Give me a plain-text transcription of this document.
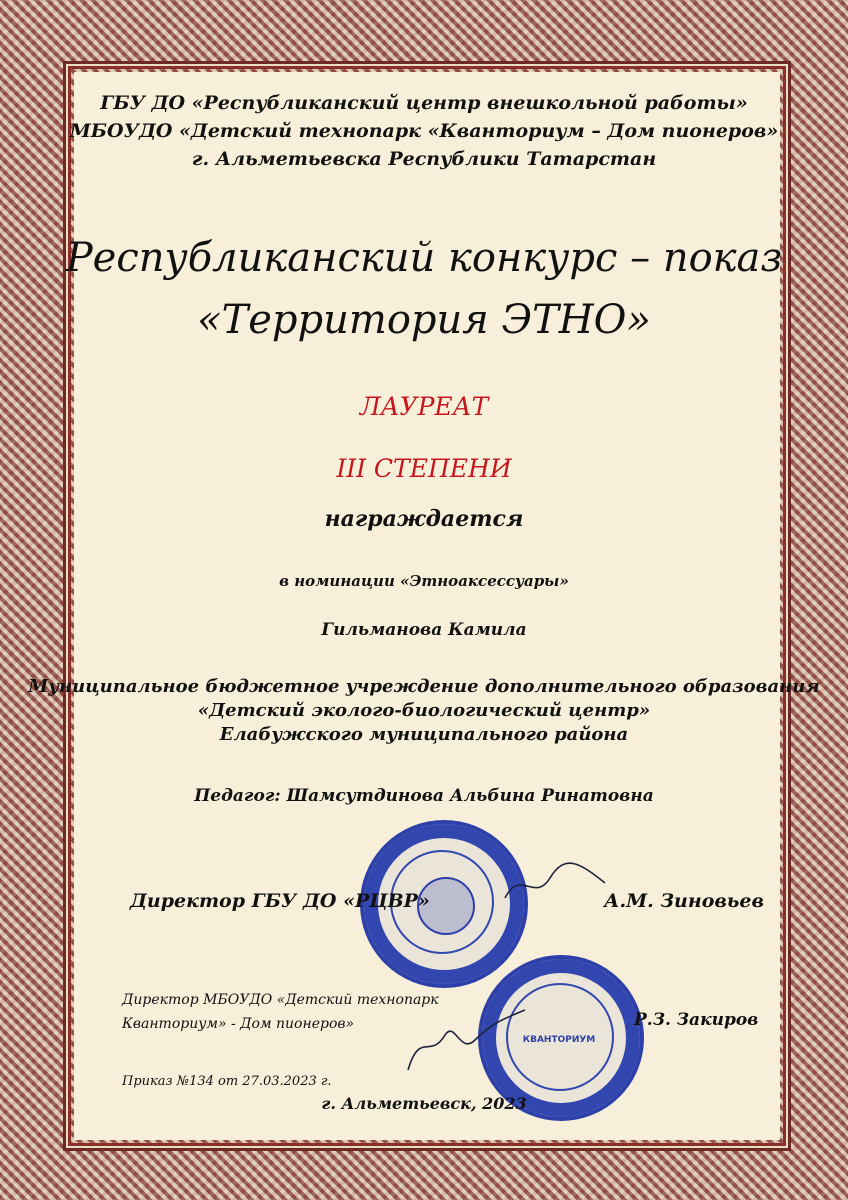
ГБУ ДО «Республиканский центр внешкольной работы»
МБОУДО «Детский технопарк «Кванториум – Дом пионеров»
г. Альметьевска Республики Татарстан
Республиканский конкурс – показ
«Территория ЭТНО»
ЛАУРЕАТ
III СТЕПЕНИ
награждается
в номинации «Этноаксессуары»
Гильманова Камила
Муниципальное бюджетное учреждение дополнительного образования
«Детский эколого-биологический центр»
Елабужского муниципального района
Педагог: Шамсутдинова Альбина Ринатовна
Директор ГБУ ДО «РЦВР»	А.М. Зиновьев
КВАНТОРИУМ
Директор МБОУДО «Детский технопарк
Кванториум» - Дом пионеров»	Р.З. Закиров
Приказ №134 от 27.03.2023 г.
г. Альметьевск, 2023
